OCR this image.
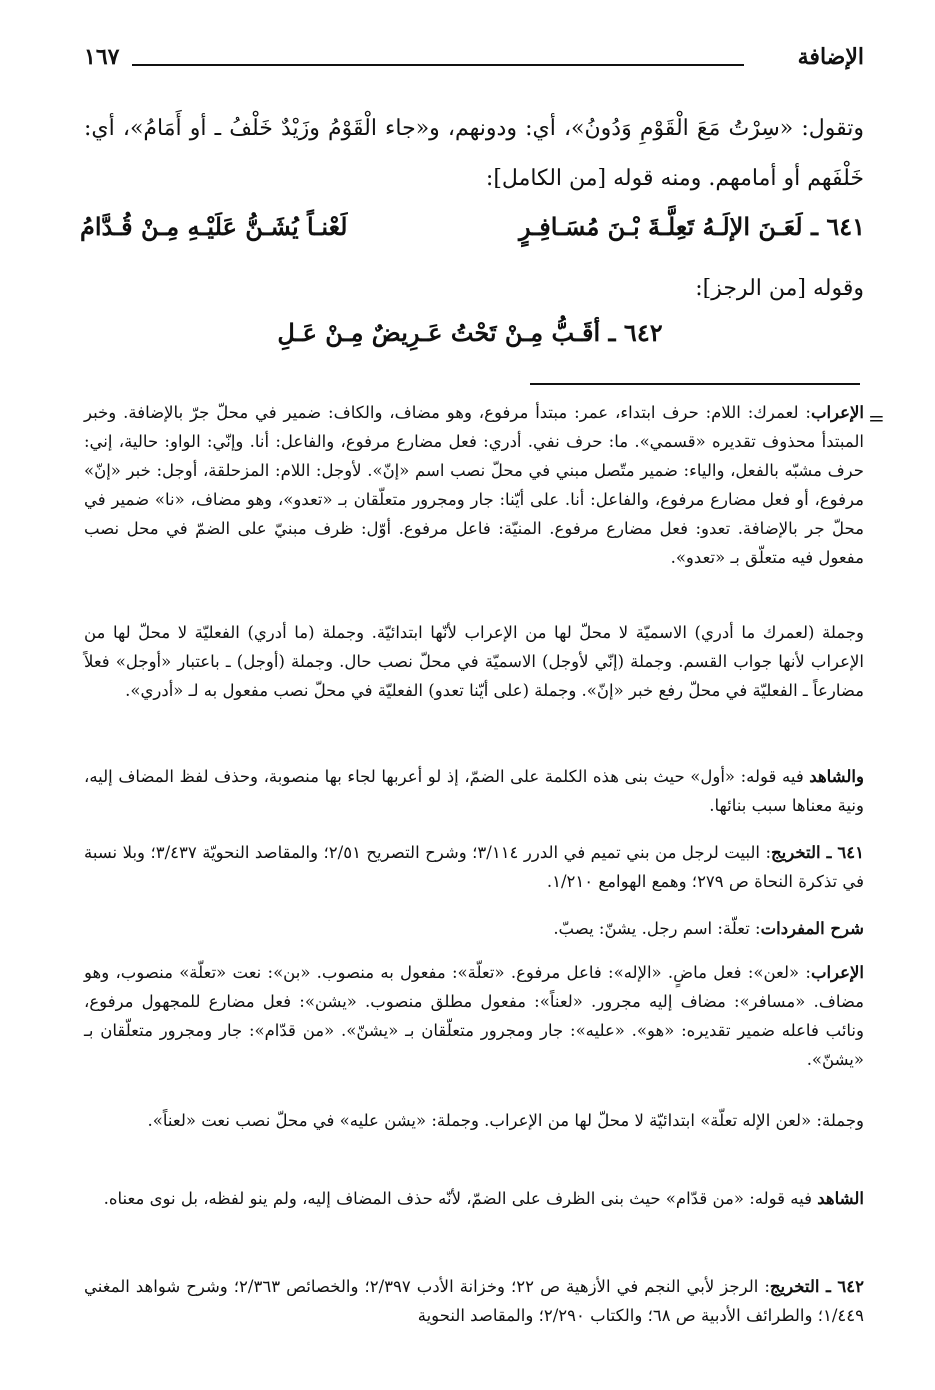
الإضافة
١٦٧
وتقول: «سِرْتُ مَعَ الْقَوْمِ وَدُونُ»، أي: ودونهم، و«جاء الْقَوْمُ وزَيْدٌ خَلْفُ ـ أو أَمَامُ»، أي: خَلْفَهم أو أمامهم. ومنه قوله [من الكامل]:
٦٤١ ـ لَعَـنَ الإلَـهُ تَعِلَّـةَ بْـنَ مُسَـافِـرٍ
لَعْنـاً يُشَـنُّ عَلَيْـهِ مِـنْ قُـدَّامُ
وقوله [من الرجز]:
٦٤٢ ـ أقَـبُّ مِـنْ تَحْتُ عَـرِيضٌ مِـنْ عَـلِ
=
الإعراب: لعمرك: اللام: حرف ابتداء، عمر: مبتدأ مرفوع، وهو مضاف، والكاف: ضمير في محلّ جرّ بالإضافة. وخبر المبتدأ محذوف تقديره «قسمي». ما: حرف نفي. أدري: فعل مضارع مرفوع، والفاعل: أنا. وإنّي: الواو: حالية، إني: حرف مشبّه بالفعل، والياء: ضمير متّصل مبني في محلّ نصب اسم «إنّ». لأوجل: اللام: المزحلقة، أوجل: خبر «إنّ» مرفوع، أو فعل مضارع مرفوع، والفاعل: أنا. على أيّنا: جار ومجرور متعلّقان بـ «تعدو»، وهو مضاف، «نا» ضمير في محلّ جر بالإضافة. تعدو: فعل مضارع مرفوع. المنيّة: فاعل مرفوع. أوّل: ظرف مبنيّ على الضمّ في محل نصب مفعول فيه متعلّق بـ «تعدو».
وجملة (لعمرك ما أدري) الاسميّة لا محلّ لها من الإعراب لأنّها ابتدائيّة. وجملة (ما أدري) الفعليّة لا محلّ لها من الإعراب لأنها جواب القسم. وجملة (إنّي لأوجل) الاسميّة في محلّ نصب حال. وجملة (أوجل) ـ باعتبار «أوجل» فعلاً مضارعاً ـ الفعليّة في محلّ رفع خبر «إنّ». وجملة (على أيّنا تعدو) الفعليّة في محلّ نصب مفعول به لـ «أدري».
والشاهد فيه قوله: «أول» حيث بنى هذه الكلمة على الضمّ، إذ لو أعربها لجاء بها منصوبة، وحذف لفظ المضاف إليه، ونية معناها سبب بنائها.
٦٤١ ـ التخريج: البيت لرجل من بني تميم في الدرر ٣/١١٤؛ وشرح التصريح ٢/٥١؛ والمقاصد النحويّة ٣/٤٣٧؛ وبلا نسبة في تذكرة النحاة ص ٢٧٩؛ وهمع الهوامع ١/٢١٠.
شرح المفردات: تعلّة: اسم رجل. يشنّ: يصبّ.
الإعراب: «لعن»: فعل ماضٍ. «الإله»: فاعل مرفوع. «تعلّة»: مفعول به منصوب. «بن»: نعت «تعلّة» منصوب، وهو مضاف. «مسافر»: مضاف إليه مجرور. «لعناً»: مفعول مطلق منصوب. «يشن»: فعل مضارع للمجهول مرفوع، ونائب فاعله ضمير تقديره: «هو». «عليه»: جار ومجرور متعلّقان بـ «يشنّ». «من قدّام»: جار ومجرور متعلّقان بـ «يشنّ».
وجملة: «لعن الإله تعلّة» ابتدائيّة لا محلّ لها من الإعراب. وجملة: «يشن عليه» في محلّ نصب نعت «لعناً».
الشاهد فيه قوله: «من قدّام» حيث بنى الظرف على الضمّ، لأنّه حذف المضاف إليه، ولم ينو لفظه، بل نوى معناه.
٦٤٢ ـ التخريج: الرجز لأبي النجم في الأزهية ص ٢٢؛ وخزانة الأدب ٢/٣٩٧؛ والخصائص ٢/٣٦٣؛ وشرح شواهد المغني ١/٤٤٩؛ والطرائف الأدبية ص ٦٨؛ والكتاب ٢/٢٩٠؛ والمقاصد النحوية
